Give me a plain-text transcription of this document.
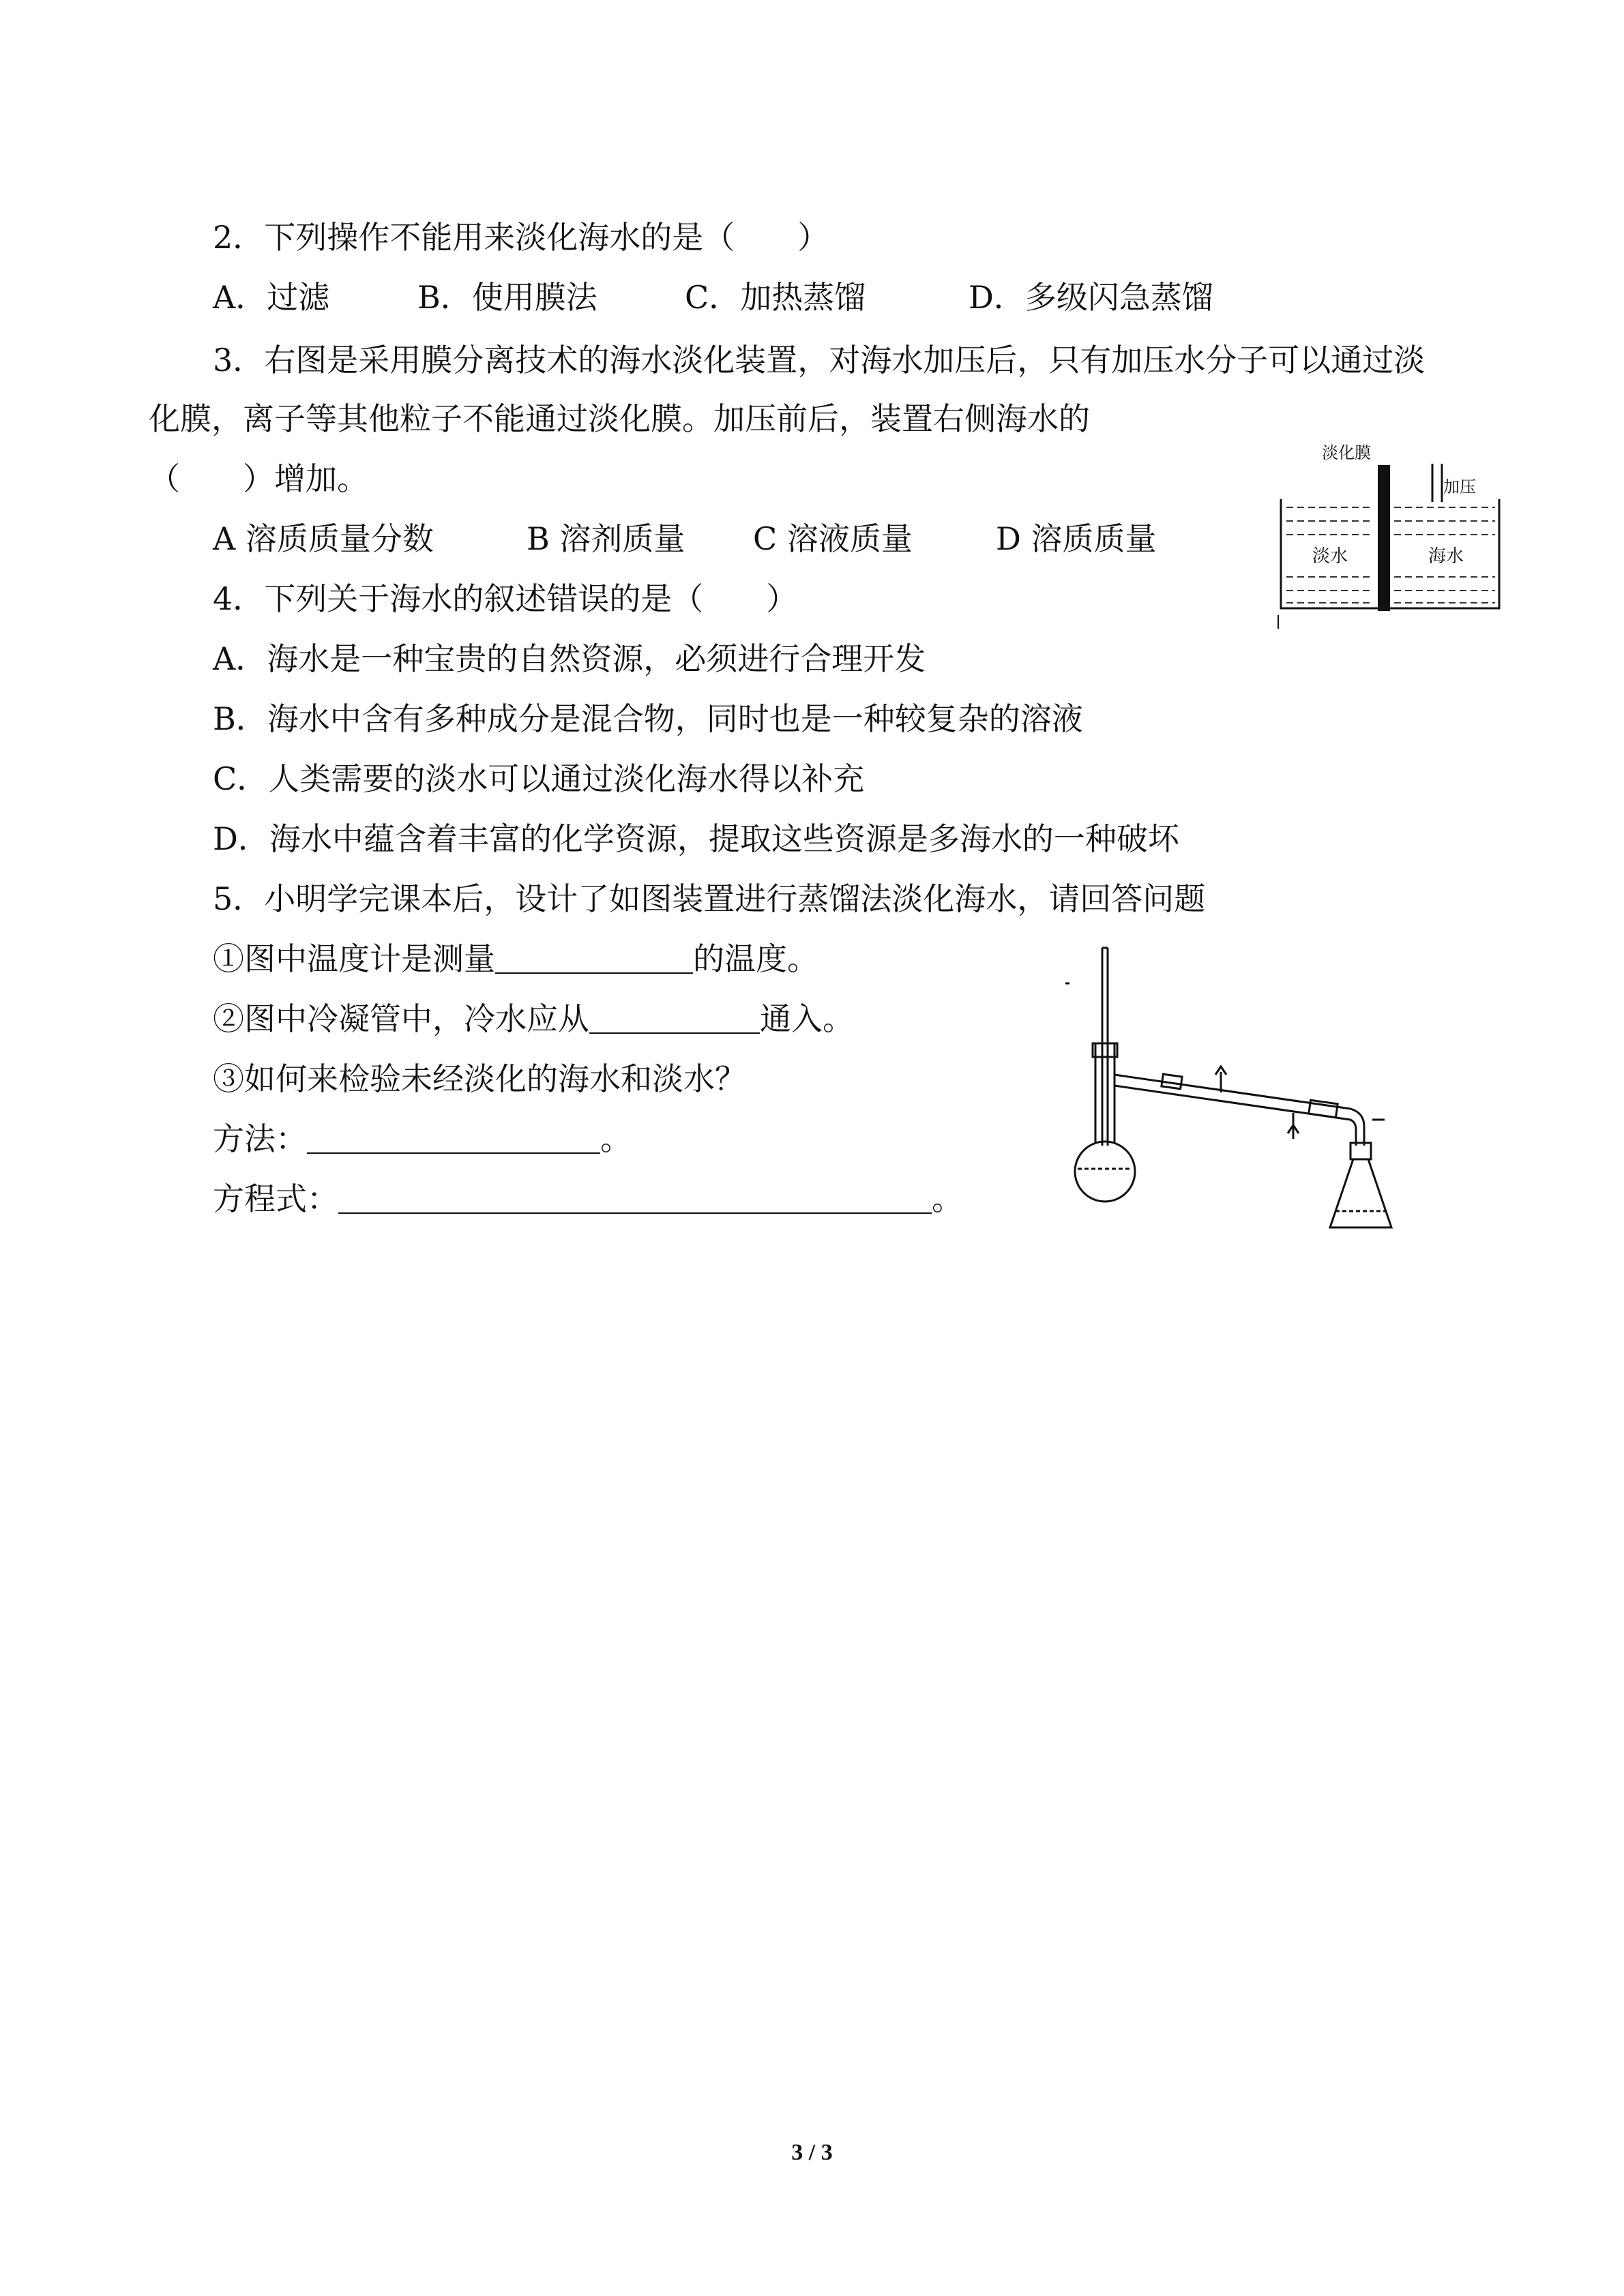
2．下列操作不能用来淡化海水的是（　　）
A．过滤	B．使用膜法	C．加热蒸馏	D．多级闪急蒸馏
3．右图是采用膜分离技术的海水淡化装置，对海水加压后，只有加压水分子可以通过淡
化膜，离子等其他粒子不能通过淡化膜。加压前后，装置右侧海水的
（　　）增加。
A 溶质质量分数	B 溶剂质量 C 溶液质量	D 溶质质量
淡化膜
加压
淡水	海水
4．下列关于海水的叙述错误的是（　　）
A．海水是一种宝贵的自然资源，必须进行合理开发
B．海水中含有多种成分是混合物，同时也是一种较复杂的溶液
C．人类需要的淡水可以通过淡化海水得以补充
D．海水中蕴含着丰富的化学资源，提取这些资源是多海水的一种破坏
5．小明学完课本后，设计了如图装置进行蒸馏法淡化海水，请回答问题
①图中温度计是测量	的温度。
②图中冷凝管中，冷水应从	通入。
③如何来检验未经淡化的海水和淡水？
方法：	。
方程式：	。
3 / 3
